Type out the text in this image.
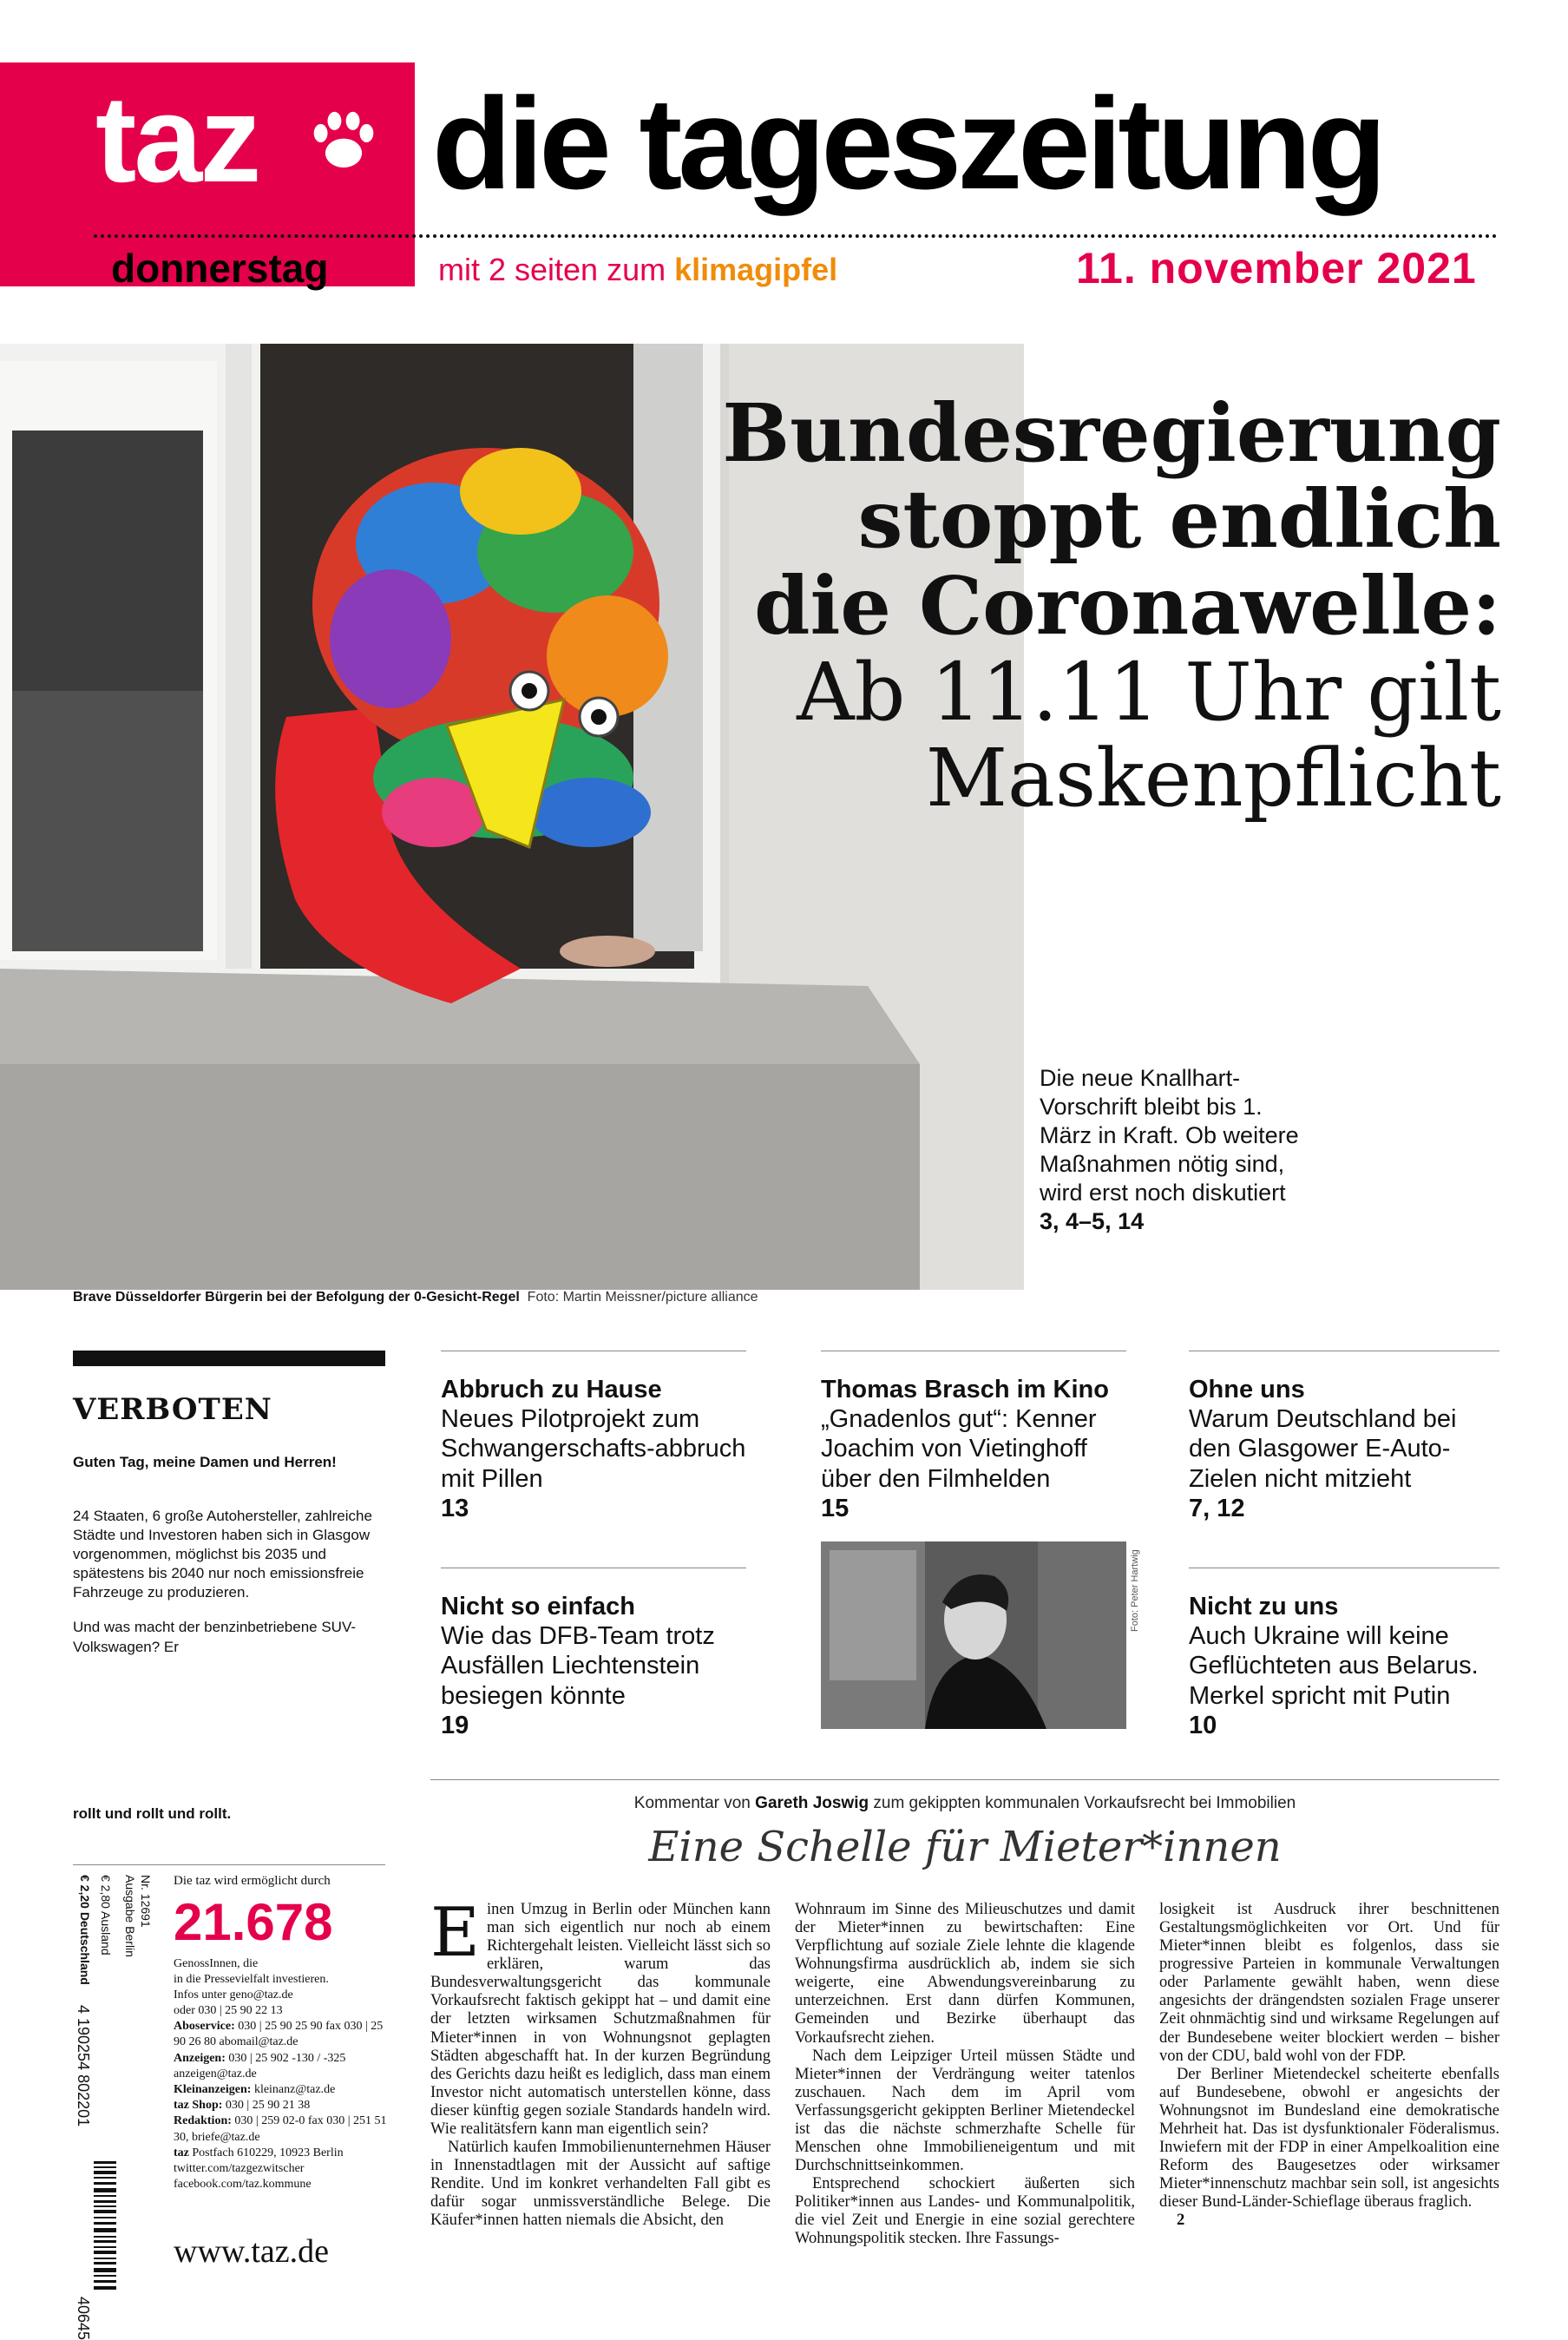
taz die tageszeitung
donnerstag	mit 2 seiten zum klimagipfel	11. november 2021
Bundesregierung
stoppt endlich
die Coronawelle:
Ab 11.11 Uhr gilt
Maskenpflicht
Die neue Knallhart-Vorschrift bleibt bis 1. März in Kraft. Ob weitere Maßnahmen nötig sind, wird erst noch diskutiert
3, 4–5, 14
Brave Düsseldorfer Bürgerin bei der Befolgung der 0-Gesicht-Regel Foto: Martin Meissner/picture alliance
VERBOTEN
Guten Tag, meine Damen und Herren!

24 Staaten, 6 große Autohersteller, zahlreiche Städte und Investoren haben sich in Glasgow vorgenommen, möglichst bis 2035 und spätestens bis 2040 nur noch emissionsfreie Fahrzeuge zu produzieren.

Und was macht der benzinbetriebene SUV-Volkswagen? Er

rollt und rollt und rollt.
Abbruch zu Hause
Neues Pilotprojekt zum Schwangerschafts-abbruch mit Pillen
13
Thomas Brasch im Kino
„Gnadenlos gut“: Kenner Joachim von Vietinghoff über den Filmhelden
15
Ohne uns
Warum Deutschland bei den Glasgower E-Auto-Zielen nicht mitzieht
7, 12
Nicht so einfach
Wie das DFB-Team trotz Ausfällen Liechtenstein besiegen könnte
19
Nicht zu uns
Auch Ukraine will keine Geflüchteten aus Belarus. Merkel spricht mit Putin
10
Foto: Peter Hartwig
Kommentar von Gareth Joswig zum gekippten kommunalen Vorkaufsrecht bei Immobilien
Eine Schelle für Mieter*innen

Einen Umzug in Berlin oder München kann man sich eigentlich nur noch ab einem Richtergehalt leisten. Vielleicht lässt sich so erklären, warum das Bundesverwaltungsgericht das kommunale Vorkaufsrecht faktisch gekippt hat – und damit eine der letzten wirksamen Schutzmaßnahmen für Mieter*innen in von Wohnungsnot geplagten Städten abgeschafft hat. In der kurzen Begründung des Gerichts dazu heißt es lediglich, dass man einem Investor nicht automatisch unterstellen könne, dass dieser künftig gegen soziale Standards handeln wird. Wie realitätsfern kann man eigentlich sein?

Natürlich kaufen Immobilienunternehmen Häuser in Innenstadtlagen mit der Aussicht auf saftige Rendite. Und im konkret verhandelten Fall gibt es dafür sogar unmissverständliche Belege. Die Käufer*innen hatten niemals die Absicht, den

Wohnraum im Sinne des Milieuschutzes und damit der Mieter*innen zu bewirtschaften: Eine Verpflichtung auf soziale Ziele lehnte die klagende Wohnungsfirma ausdrücklich ab, indem sie sich weigerte, eine Abwendungsvereinbarung zu unterzeichnen. Erst dann dürfen Kommunen, Gemeinden und Bezirke überhaupt das Vorkaufsrecht ziehen.

Nach dem Leipziger Urteil müssen Städte und Mieter*innen der Verdrängung weiter tatenlos zuschauen. Nach dem im April vom Verfassungsgericht gekippten Berliner Mietendeckel ist das die nächste schmerzhafte Schelle für Menschen ohne Immobilieneigentum und mit Durchschnittseinkommen.

Entsprechend schockiert äußerten sich Politiker*innen aus Landes- und Kommunalpolitik, die viel Zeit und Energie in eine sozial gerechtere Wohnungspolitik stecken. Ihre Fassungs-

losigkeit ist Ausdruck ihrer beschnittenen Gestaltungsmöglichkeiten vor Ort. Und für Mieter*innen bleibt es folgenlos, dass sie progressive Parteien in kommunale Verwaltungen oder Parlamente gewählt haben, wenn diese angesichts der drängendsten sozialen Frage unserer Zeit ohnmächtig sind und wirksame Regelungen auf der Bundesebene weiter blockiert werden – bisher von der CDU, bald wohl von der FDP.

Der Berliner Mietendeckel scheiterte ebenfalls auf Bundesebene, obwohl er angesichts der Wohnungsnot im Bundesland eine demokratische Mehrheit hat. Das ist dysfunktionaler Föderalismus. Inwiefern mit der FDP in einer Ampelkoalition eine Reform des Baugesetzes oder wirksamer Mieter*innenschutz machbar sein soll, ist angesichts dieser Bund-Länder-Schieflage überaus fraglich.

2

€ 2,20 Deutschland € 2,80 Ausland
4 190254 802201
40645
Ausgabe Berlin Nr. 12691 Die taz wird ermöglicht durch
21.678
GenossInnen, die
in die Pressevielfalt investieren.
Infos unter geno@taz.de
oder 030 | 25 90 22 13
Aboservice: 030 | 25 90 25 90 fax 030 | 25 90 26 80 abomail@taz.de
Anzeigen: 030 | 25 902 -130 / -325 anzeigen@taz.de
Kleinanzeigen: kleinanz@taz.de
taz Shop: 030 | 25 90 21 38
Redaktion: 030 | 259 02-0 fax 030 | 251 51 30, briefe@taz.de
taz Postfach 610229, 10923 Berlin twitter.com/tazgezwitscher facebook.com/taz.kommune
www.taz.de
